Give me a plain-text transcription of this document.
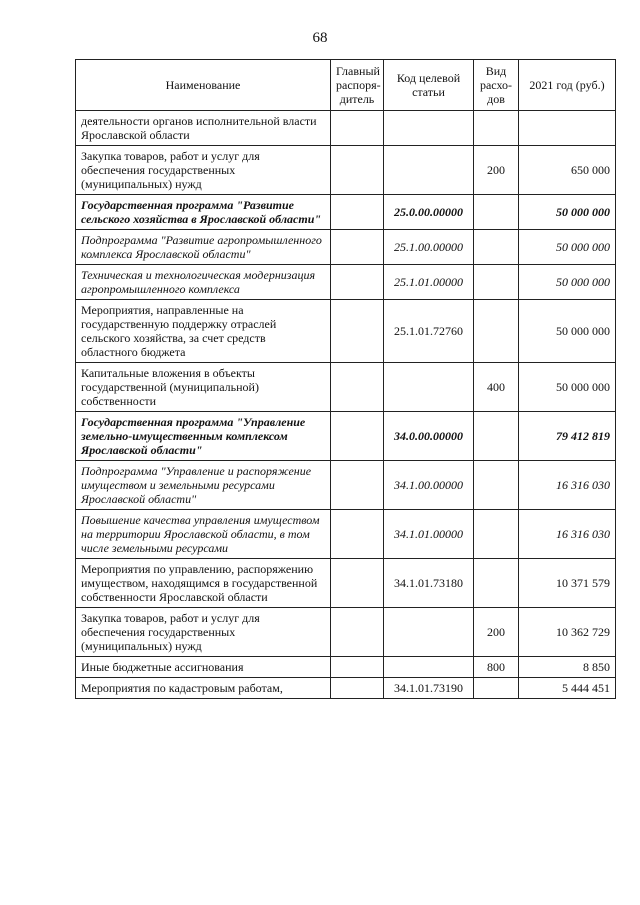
68
Наименование	Главный распоря-дитель	Код целевой статьи	Вид расхо-дов	2021 год (руб.)
деятельности органов исполнительной власти Ярославской области				
Закупка товаров, работ и услуг для обеспечения государственных (муниципальных) нужд			200	650 000
Государственная программа "Развитие сельского хозяйства в Ярославской области"		25.0.00.00000		50 000 000
Подпрограмма "Развитие агропромышленного комплекса Ярославской области"		25.1.00.00000		50 000 000
Техническая и технологическая модернизация агропромышленного комплекса		25.1.01.00000		50 000 000
Мероприятия, направленные на государственную поддержку отраслей сельского хозяйства, за счет средств областного бюджета		25.1.01.72760		50 000 000
Капитальные вложения в объекты государственной (муниципальной) собственности			400	50 000 000
Государственная программа "Управление земельно-имущественным комплексом Ярославской области"		34.0.00.00000		79 412 819
Подпрограмма "Управление и распоряжение имуществом и земельными ресурсами Ярославской области"		34.1.00.00000		16 316 030
Повышение качества управления имуществом на территории Ярославской области, в том числе земельными ресурсами		34.1.01.00000		16 316 030
Мероприятия по управлению, распоряжению имуществом, находящимся в государственной собственности Ярославской области		34.1.01.73180		10 371 579
Закупка товаров, работ и услуг для обеспечения государственных (муниципальных) нужд			200	10 362 729
Иные бюджетные ассигнования			800	8 850
Мероприятия по кадастровым работам,		34.1.01.73190		5 444 451
